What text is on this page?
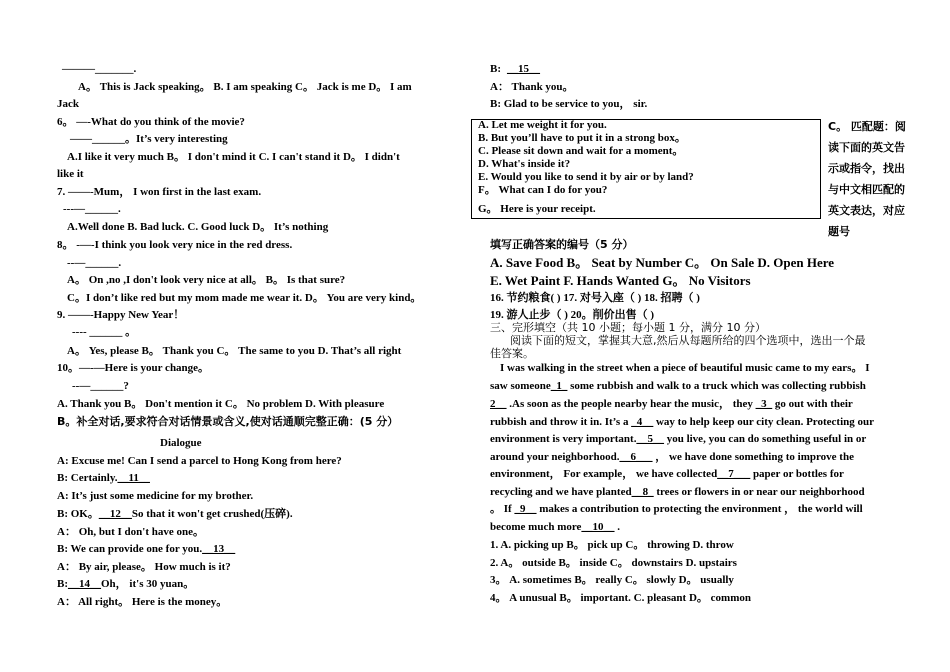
C。 匹配题：阅读下面的英文告示或指令，找出与中文相匹配的英文表达，对应题号
———_______.
A。 This is Jack speaking。 B. I am speaking C。 Jack is me D。 I am
Jack
6。 —-What do you think of the movie?
——______。It’s very interesting
A.I like it very much B。 I don't mind it C. I can't stand it D。 I didn't
like it
7. ——-Mum， I won first in the last exam.
---—______.
A.Well done B. Bad luck. C. Good luck D。 It’s nothing
8。 -—-I think you look very nice in the red dress.
--—______.
A。 On ,no ,I don't look very nice at all。 B。 Is that sure?
C。I don’t like red but my mom made me wear it. D。 You are very kind。
9. ——-Happy New Year！
---- ______ 。
A。 Yes, please B。 Thank you C。 The same to you D. That’s all right
10。—-—Here is your change。
--—______?
A. Thank you B。 Don't mention it C。 No problem D. With pleasure
B。补全对话,要求符合对话情景或含义,使对话通顺完整正确：(5 分）
Dialogue
A: Excuse me! Can I send a parcel to Hong Kong from here?
B: Certainly.__11__
A: It’s just some medicine for my brother.
B: OK。__12__So that it won't get crushed(压碎).
A： Oh, but I don't have one。
B: We can provide one for you.__13__
A： By air, please。 How much is it?
B:__14__Oh， it's 30 yuan。
A： All right。 Here is the money。
B: __15__
A： Thank you。
B: Glad to be service to you， sir.
A. Let me weight it for you.
B. But you’ll have to put it in a strong box。
C. Please sit down and wait for a moment。
D. What's inside it?
E. Would you like to send it by air or by land?
F。 What can I do for you?
G。 Here is your receipt.
填写正确答案的编号（5 分）
A. Save Food B。 Seat by Number C。 On Sale D. Open Here
E. Wet Paint F. Hands Wanted G。 No Visitors
16. 节约粮食( ) 17. 对号入座（ ) 18. 招聘（ )
19. 游人止步（ ) 20。削价出售（ )
三、完形填空（共 10 小题；每小题 1 分，满分 10 分）
阅读下面的短文，掌握其大意,然后从每题所给的四个选项中，选出一个最
佳答案。
I was walking in the street when a piece of beautiful music came to my ears。 I
saw someone_1_ some rubbish and walk to a truck which was collecting rubbish
2__ .As soon as the people nearby hear the music， they _3_ go out with their
rubbish and throw it in. It’s a _4__ way to help keep our city clean. Protecting our
environment is very important.__5__ you live, you can do something useful in or
around your neighborhood.__6___ ， we have done something to improve the
environment， For example， we have collected__7___ paper or bottles for
recycling and we have planted__8_ trees or flowers in or near our neighborhood
。 If _9__ makes a contribution to protecting the environment ， the world will
become much more__10__ .
1. A. picking up B。 pick up C。 throwing D. throw
2. A。 outside B。 inside C。 downstairs D. upstairs
3。 A. sometimes B。 really C。 slowly D。 usually
4。 A unusual B。 important. C. pleasant D。 common
